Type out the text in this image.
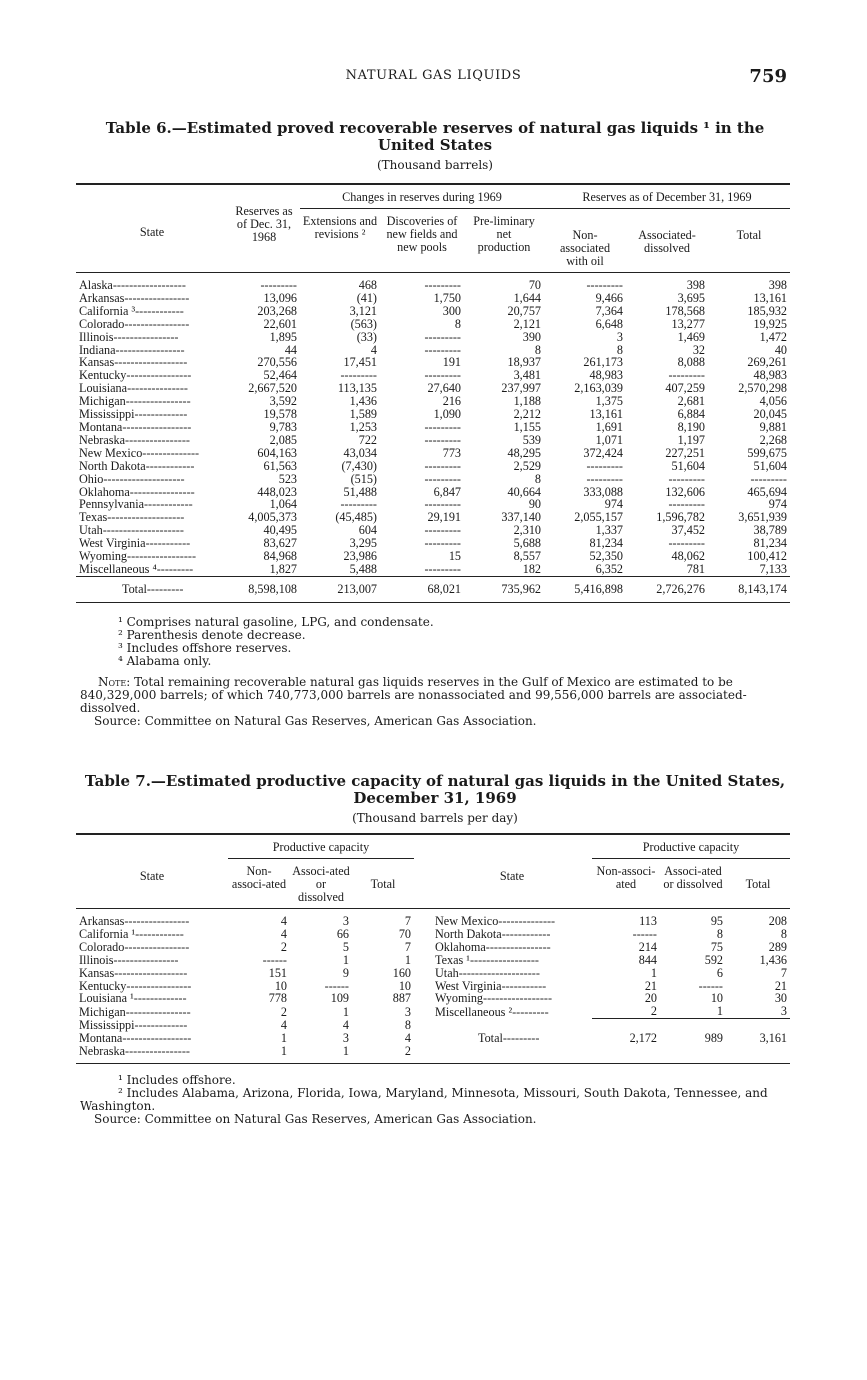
NATURAL GAS LIQUIDS	759
Table 6.—Estimated proved recoverable reserves of natural gas liquids ¹ in the
United States
(Thousand barrels)
State	Reserves as of Dec. 31, 1968	Changes in reserves during 1969			Reserves as of December 31, 1969		
		Extensions and revisions ²	Discoveries of new fields and new pools	Pre-liminary net production	Non-associated with oil	Associated-dissolved	Total
Alaska------------------	---------	468	---------	70	---------	398	398
Arkansas----------------	13,096	(41)	1,750	1,644	9,466	3,695	13,161
California ³------------	203,268	3,121	300	20,757	7,364	178,568	185,932
Colorado----------------	22,601	(563)	8	2,121	6,648	13,277	19,925
Illinois----------------	1,895	(33)	---------	390	3	1,469	1,472
Indiana-----------------	44	4	---------	8	8	32	40
Kansas------------------	270,556	17,451	191	18,937	261,173	8,088	269,261
Kentucky----------------	52,464	---------	---------	3,481	48,983	---------	48,983
Louisiana---------------	2,667,520	113,135	27,640	237,997	2,163,039	407,259	2,570,298
Michigan----------------	3,592	1,436	216	1,188	1,375	2,681	4,056
Mississippi-------------	19,578	1,589	1,090	2,212	13,161	6,884	20,045
Montana-----------------	9,783	1,253	---------	1,155	1,691	8,190	9,881
Nebraska----------------	2,085	722	---------	539	1,071	1,197	2,268
New Mexico--------------	604,163	43,034	773	48,295	372,424	227,251	599,675
North Dakota------------	61,563	(7,430)	---------	2,529	---------	51,604	51,604
Ohio--------------------	523	(515)	---------	8	---------	---------	---------
Oklahoma----------------	448,023	51,488	6,847	40,664	333,088	132,606	465,694
Pennsylvania------------	1,064	---------	---------	90	974	---------	974
Texas-------------------	4,005,373	(45,485)	29,191	337,140	2,055,157	1,596,782	3,651,939
Utah--------------------	40,495	604	---------	2,310	1,337	37,452	38,789
West Virginia-----------	83,627	3,295	---------	5,688	81,234	---------	81,234
Wyoming-----------------	84,968	23,986	15	8,557	52,350	48,062	100,412
Miscellaneous ⁴---------	1,827	5,488	---------	182	6,352	781	7,133
Total---------	8,598,108	213,007	68,021	735,962	5,416,898	2,726,276	8,143,174

¹ Comprises natural gasoline, LPG, and condensate.

² Parenthesis denote decrease.

³ Includes offshore reserves.

⁴ Alabama only.

Note: Total remaining recoverable natural gas liquids reserves in the Gulf of Mexico are estimated to be 840,329,000 barrels; of which 740,773,000 barrels are nonassociated and 99,556,000 barrels are associated-dissolved.

Source: Committee on Natural Gas Reserves, American Gas Association.

Table 7.—Estimated productive capacity of natural gas liquids in the United States,
December 31, 1969
(Thousand barrels per day)
State	Productive capacity				State	Productive capacity		
	Non-associ-ated	Associ-ated or dissolved	Total			Non-associ-ated	Associ-ated or dissolved	Total
Arkansas----------------	4	3	7		New Mexico--------------	113	95	208
California ¹------------	4	66	70		North Dakota------------	------	8	8
Colorado----------------	2	5	7		Oklahoma----------------	214	75	289
Illinois----------------	------	1	1		Texas ¹-----------------	844	592	1,436
Kansas------------------	151	9	160		Utah--------------------	1	6	7
Kentucky----------------	10	------	10		West Virginia-----------	21	------	21
Louisiana ¹-------------	778	109	887		Wyoming-----------------	20	10	30
Michigan----------------	2	1	3		Miscellaneous ²---------	2	1	3
Mississippi-------------	4	4	8					
Montana-----------------	1	3	4		Total---------	2,172	989	3,161
Nebraska----------------	1	1	2					

¹ Includes offshore.

² Includes Alabama, Arizona, Florida, Iowa, Maryland, Minnesota, Missouri, South Dakota, Tennessee, and Washington.

Source: Committee on Natural Gas Reserves, American Gas Association.
